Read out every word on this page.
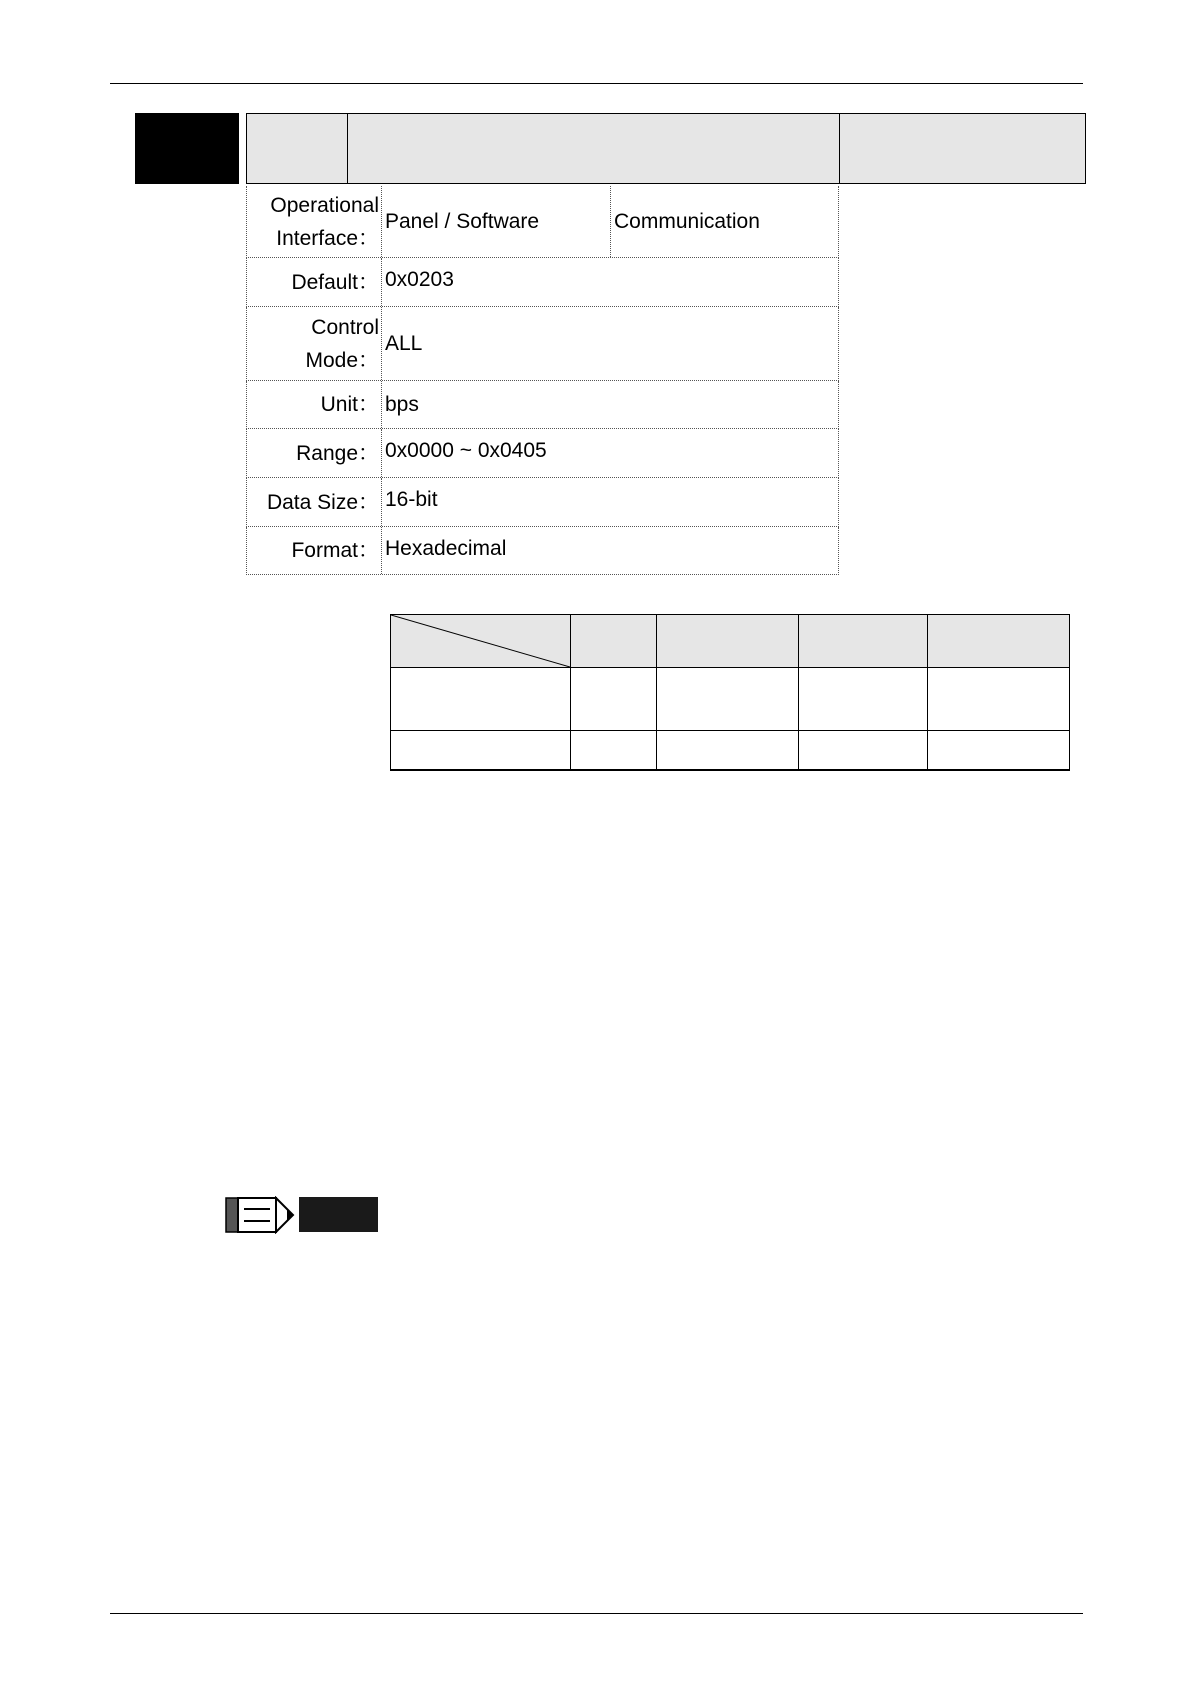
Operational
Interface：
Panel / Software	Communication
Default： 0x0203
Control
Mode：
ALL
Unit： bps
Range： 0x0000 ~ 0x0405
Data Size： 16-bit
Format： Hexadecimal
